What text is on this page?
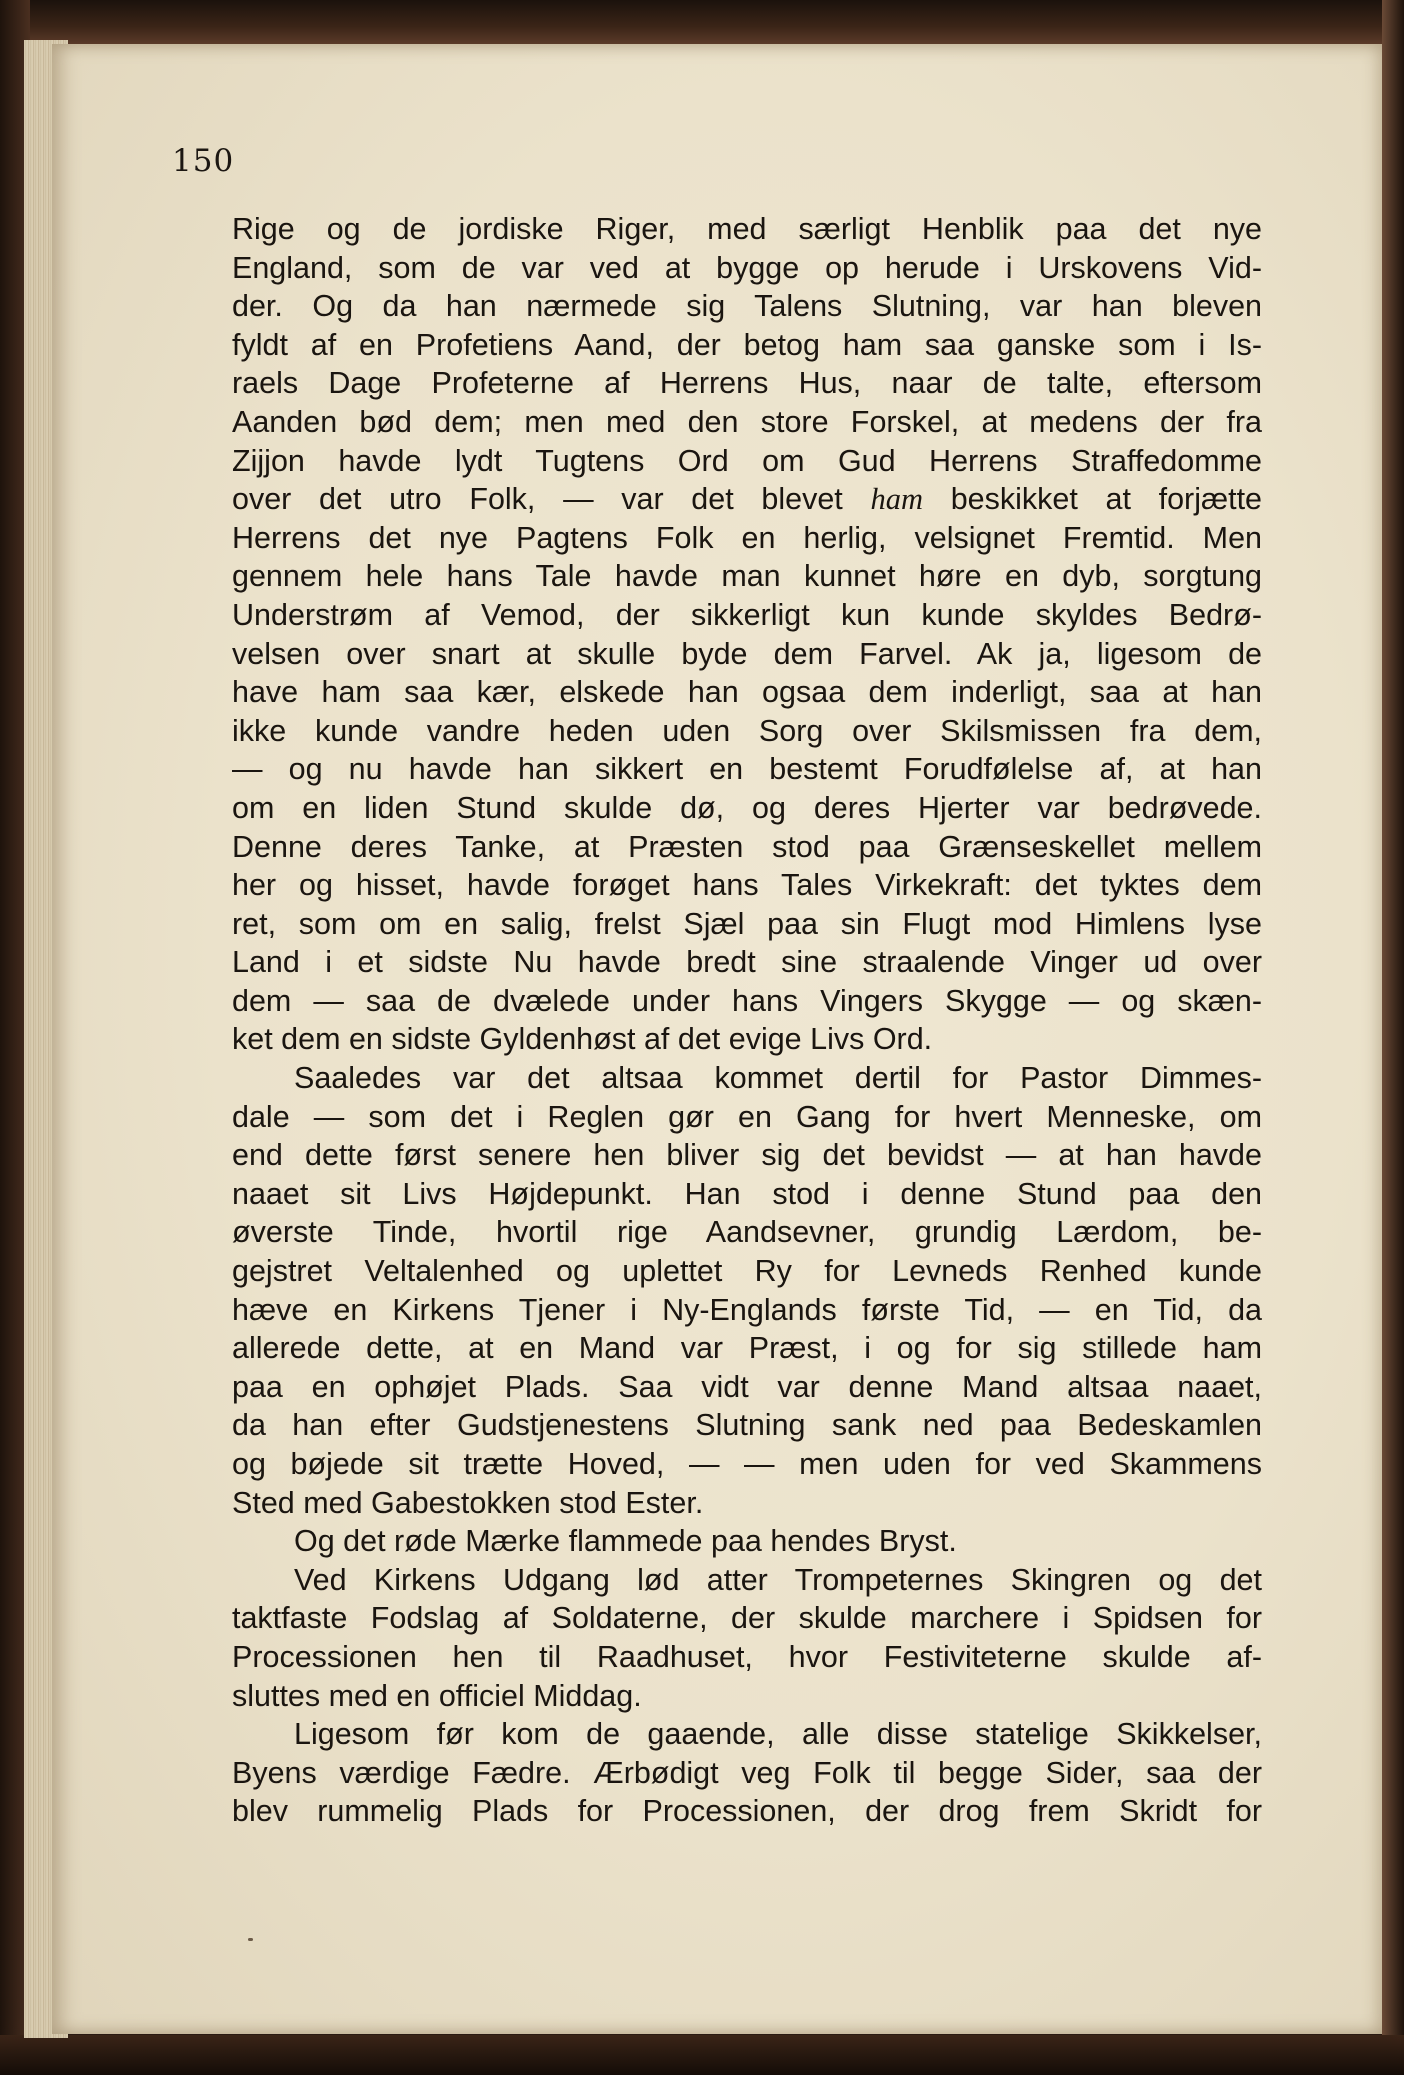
150
Rige og de jordiske Riger, med særligt Henblik paa det nye
England, som de var ved at bygge op herude i Urskovens Vid-
der. Og da han nærmede sig Talens Slutning, var han bleven
fyldt af en Profetiens Aand, der betog ham saa ganske som i Is-
raels Dage Profeterne af Herrens Hus, naar de talte, eftersom
Aanden bød dem; men med den store Forskel, at medens der fra
Zijjon havde lydt Tugtens Ord om Gud Herrens Straffedomme
over det utro Folk, — var det blevet ham beskikket at forjætte
Herrens det nye Pagtens Folk en herlig, velsignet Fremtid. Men
gennem hele hans Tale havde man kunnet høre en dyb, sorgtung
Understrøm af Vemod, der sikkerligt kun kunde skyldes Bedrø-
velsen over snart at skulle byde dem Farvel. Ak ja, ligesom de
have ham saa kær, elskede han ogsaa dem inderligt, saa at han
ikke kunde vandre heden uden Sorg over Skilsmissen fra dem,
— og nu havde han sikkert en bestemt Forudfølelse af, at han
om en liden Stund skulde dø, og deres Hjerter var bedrøvede.
Denne deres Tanke, at Præsten stod paa Grænseskellet mellem
her og hisset, havde forøget hans Tales Virkekraft: det tyktes dem
ret, som om en salig, frelst Sjæl paa sin Flugt mod Himlens lyse
Land i et sidste Nu havde bredt sine straalende Vinger ud over
dem — saa de dvælede under hans Vingers Skygge — og skæn-
ket dem en sidste Gyldenhøst af det evige Livs Ord.
Saaledes var det altsaa kommet dertil for Pastor Dimmes-
dale — som det i Reglen gør en Gang for hvert Menneske, om
end dette først senere hen bliver sig det bevidst — at han havde
naaet sit Livs Højdepunkt. Han stod i denne Stund paa den
øverste Tinde, hvortil rige Aandsevner, grundig Lærdom, be-
gejstret Veltalenhed og uplettet Ry for Levneds Renhed kunde
hæve en Kirkens Tjener i Ny-Englands første Tid, — en Tid, da
allerede dette, at en Mand var Præst, i og for sig stillede ham
paa en ophøjet Plads. Saa vidt var denne Mand altsaa naaet,
da han efter Gudstjenestens Slutning sank ned paa Bedeskamlen
og bøjede sit trætte Hoved, — — men uden for ved Skammens
Sted med Gabestokken stod Ester.
Og det røde Mærke flammede paa hendes Bryst.
Ved Kirkens Udgang lød atter Trompeternes Skingren og det
taktfaste Fodslag af Soldaterne, der skulde marchere i Spidsen for
Processionen hen til Raadhuset, hvor Festiviteterne skulde af-
sluttes med en officiel Middag.
Ligesom før kom de gaaende, alle disse statelige Skikkelser,
Byens værdige Fædre. Ærbødigt veg Folk til begge Sider, saa der
blev rummelig Plads for Processionen, der drog frem Skridt for
